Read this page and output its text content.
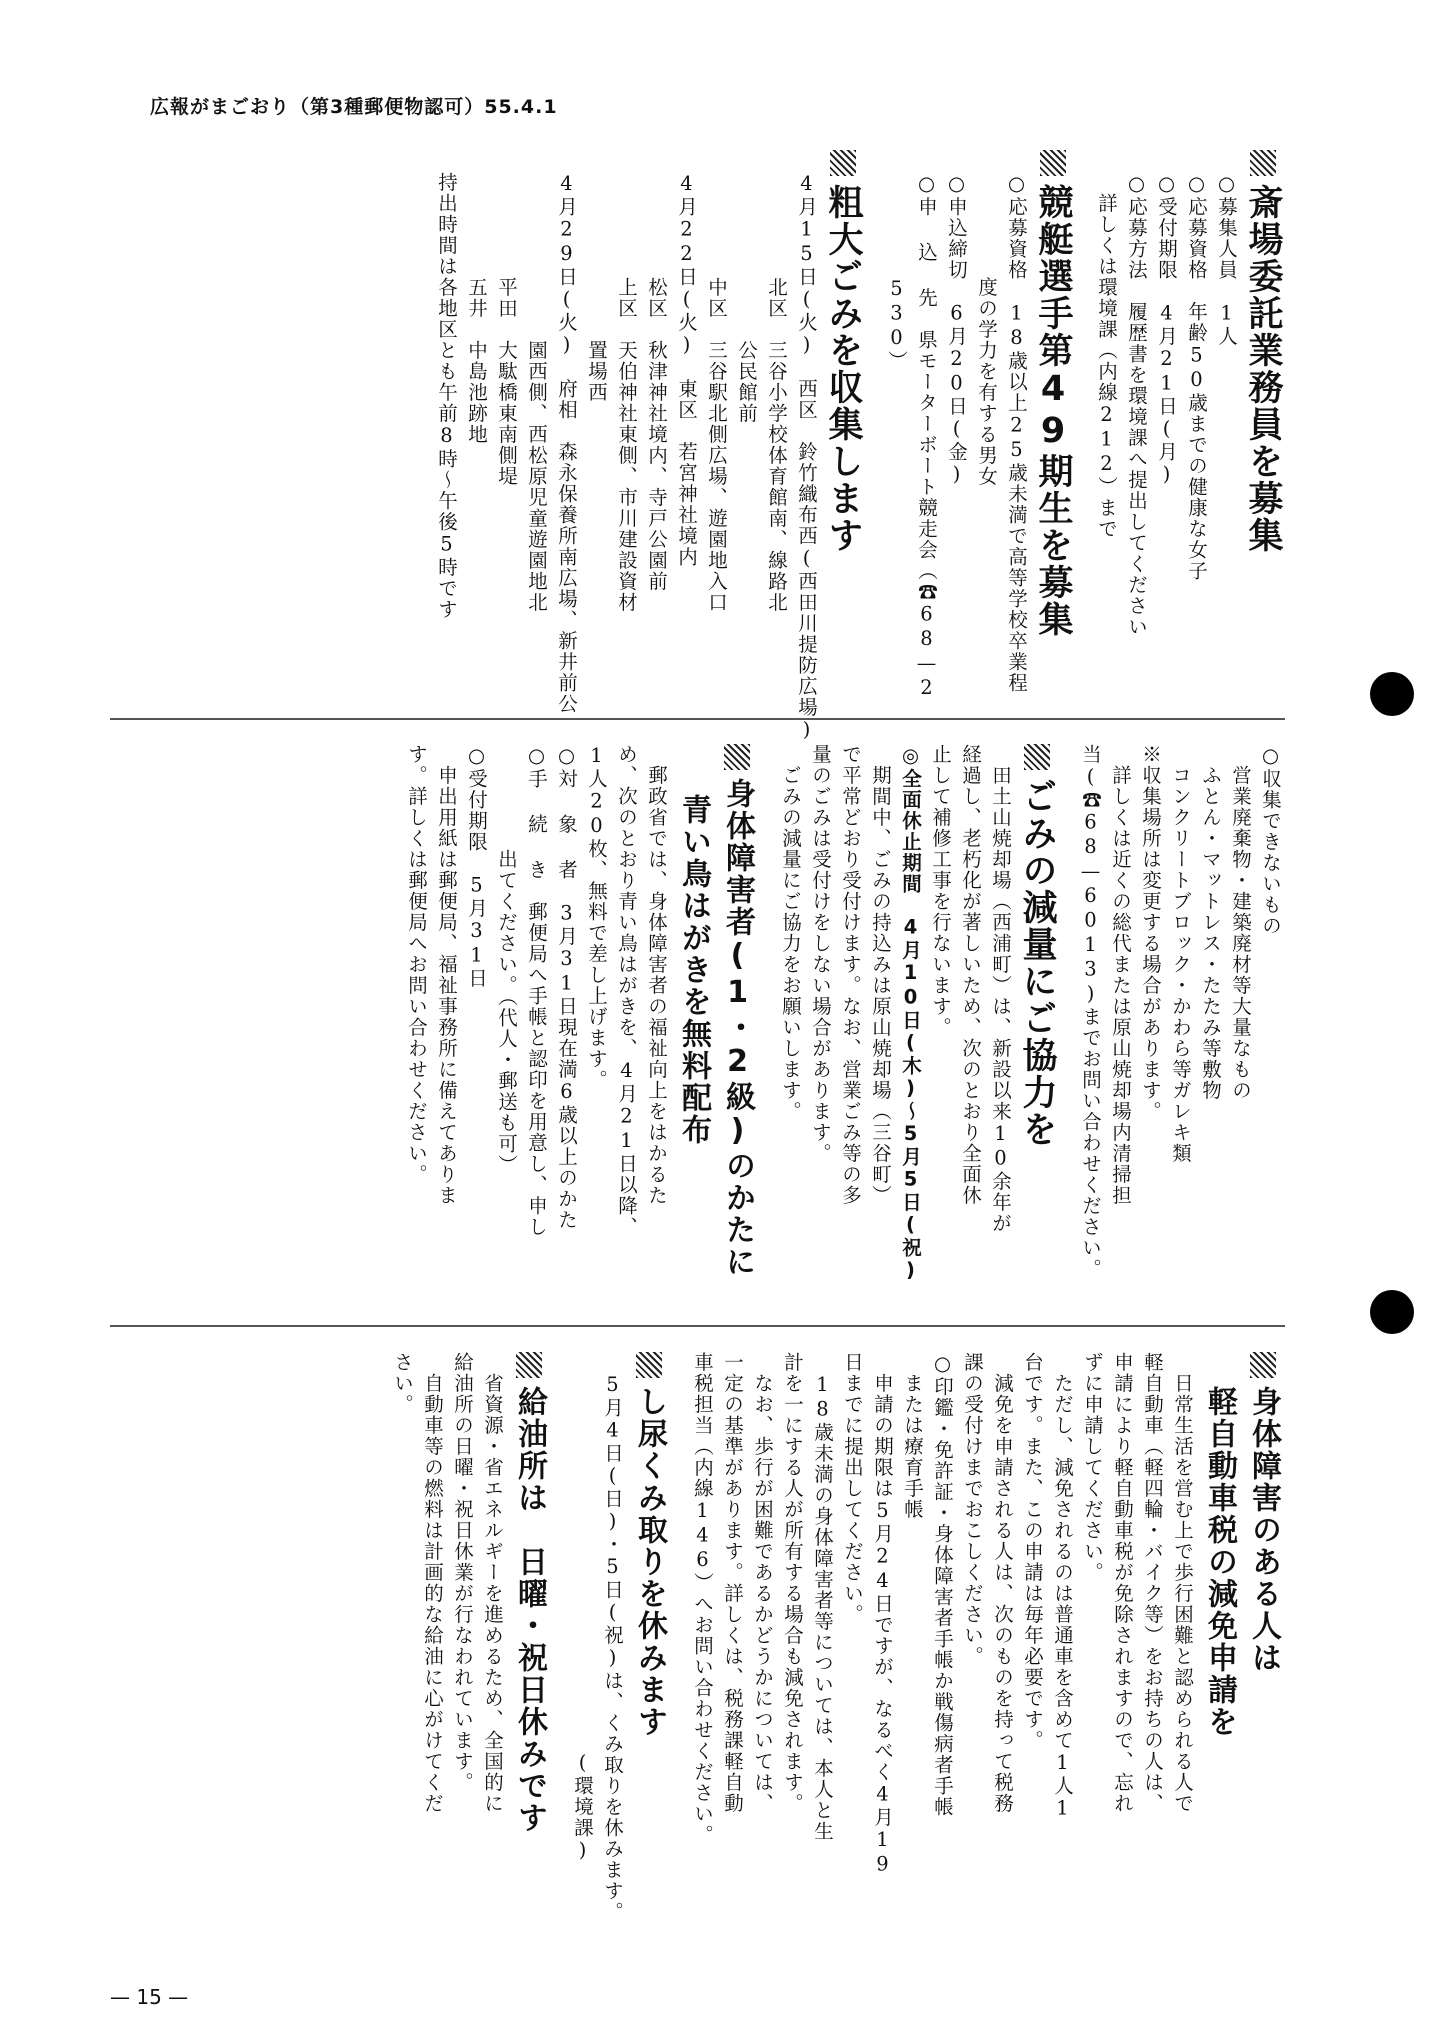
広報がまごおり（第3種郵便物認可）55.4.1
斎場委託業務員を募集
○募集人員　1人
○応募資格　年齢50歳までの健康な女子
○受付期限　4月21日(月)
○応募方法　履歴書を環境課へ提出してください
　詳しくは環境課（内線212）まで
競艇選手第49期生を募集
○応募資格　18歳以上25歳未満で高等学校卒業程
　　　　　度の学力を有する男女
○申込締切　6月20日(金)
○申 込 先　県モーターボート競走会（☎68—2
　　　　　530）
粗大ごみを収集します
4月15日(火)　西区　鈴竹織布西(西田川提防広場)
　　　　　北区　三谷小学校体育館南、線路北
　　　　　　　　公民館前
　　　　　中区　三谷駅北側広場、遊園地入口
4月22日(火)　東区　若宮神社境内
　　　　　松区　秋津神社境内、寺戸公園前
　　　　　上区　天伯神社東側、市川建設資材
　　　　　　　　置場西
4月29日(火)　府相　森永保養所南広場、新井前公
　　　　　　　　園西側、西松原児童遊園地北
　　　　　平田　大駄橋東南側堤
　　　　　五井　中島池跡地
持出時間は各地区とも午前8時～午後5時です
○収集できないもの
　営業廃棄物・建築廃材等大量なもの
　ふとん・マットレス・たたみ等敷物
　コンクリートブロック・かわら等ガレキ類
※収集場所は変更する場合があります。
　詳しくは近くの総代または原山焼却場内清掃担
当(☎68—6013)までお問い合わせください。
ごみの減量にご協力を
　田土山焼却場（西浦町）は、新設以来10余年が
経過し、老朽化が著しいため、次のとおり全面休
止して補修工事を行ないます。
◎全面休止期間　4月10日(木)～5月5日(祝)
　期間中、ごみの持込みは原山焼却場（三谷町）
で平常どおり受付けます。なお、営業ごみ等の多
量のごみは受付けをしない場合があります。
　ごみの減量にご協力をお願いします。
身体障害者(1・2級)のかたに
青い鳥はがきを無料配布
　郵政省では、身体障害者の福祉向上をはかるた
め、次のとおり青い鳥はがきを、4月21日以降、
1人20枚、無料で差し上げます。
○対 象 者　3月31日現在満6歳以上のかた
○手 続 き　郵便局へ手帳と認印を用意し、申し
　　　　　出てください。（代人・郵送も可）
○受付期限　5月31日
　申出用紙は郵便局、福祉事務所に備えてありま
す。詳しくは郵便局へお問い合わせください。
身体障害のある人は
軽自動車税の減免申請を
　日常生活を営む上で歩行困難と認められる人で
軽自動車（軽四輪・バイク等）をお持ちの人は、
申請により軽自動車税が免除されますので、忘れ
ずに申請してください。
　ただし、減免されるのは普通車を含めて1人1
台です。また、この申請は毎年必要です。
　減免を申請される人は、次のものを持って税務
課の受付けまでおこしください。
○印鑑・免許証・身体障害者手帳か戦傷病者手帳
　または療育手帳
　申請の期限は5月24日ですが、なるべく4月19
日までに提出してください。
　18歳未満の身体障害者等については、本人と生
計を一にする人が所有する場合も減免されます。
　なお、歩行が困難であるかどうかについては、
一定の基準があります。詳しくは、税務課軽自動
車税担当（内線146）へお問い合わせください。
し尿くみ取りを休みます
　5月4日(日)・5日(祝)は、くみ取りを休みます。
　　　　　　　　　　　　　　　　　　　(環境課)
給油所は　日曜・祝日休みです
　省資源・省エネルギーを進めるため、全国的に
給油所の日曜・祝日休業が行なわれています。
　自動車等の燃料は計画的な給油に心がけてくだ
さい。
— 15 —
